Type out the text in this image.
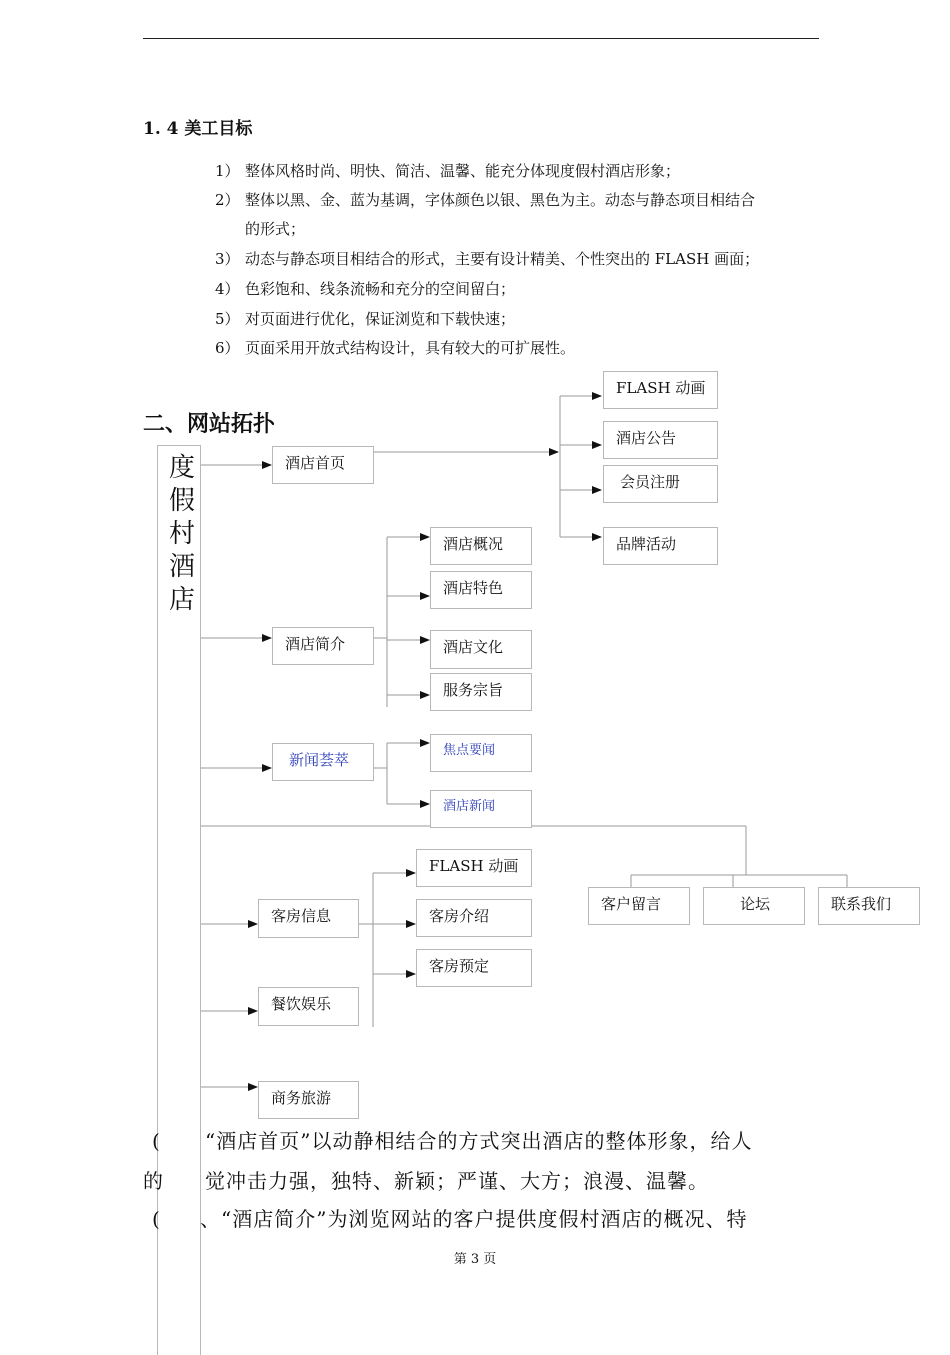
1. 4 美工目标
1） 整体风格时尚、明快、简洁、温馨、能充分体现度假村酒店形象；
2） 整体以黑、金、蓝为基调，字体颜色以银、黑色为主。动态与静态项目相结合
的形式；
3） 动态与静态项目相结合的形式，主要有设计精美、个性突出的 FLASH 画面；
4） 色彩饱和、线条流畅和充分的空间留白；
5） 对页面进行优化，保证浏览和下载快速；
6） 页面采用开放式结构设计，具有较大的可扩展性。
二、网站拓扑
度假村酒店
酒店首页
酒店简介
新闻荟萃
客房信息
餐饮娱乐
商务旅游
FLASH 动画
酒店公告
会员注册
品牌活动
酒店概况
酒店特色
酒店文化
服务宗旨
焦点要闻
酒店新闻
客户留言	论坛	联系我们
FLASH 动画
客房介绍
客房预定
( “酒店首页”以动静相结合的方式突出酒店的整体形象，给人
的 觉冲击力强，独特、新颖；严谨、大方；浪漫、温馨。
( 、“酒店简介”为浏览网站的客户提供度假村酒店的概况、特
第 3 页
